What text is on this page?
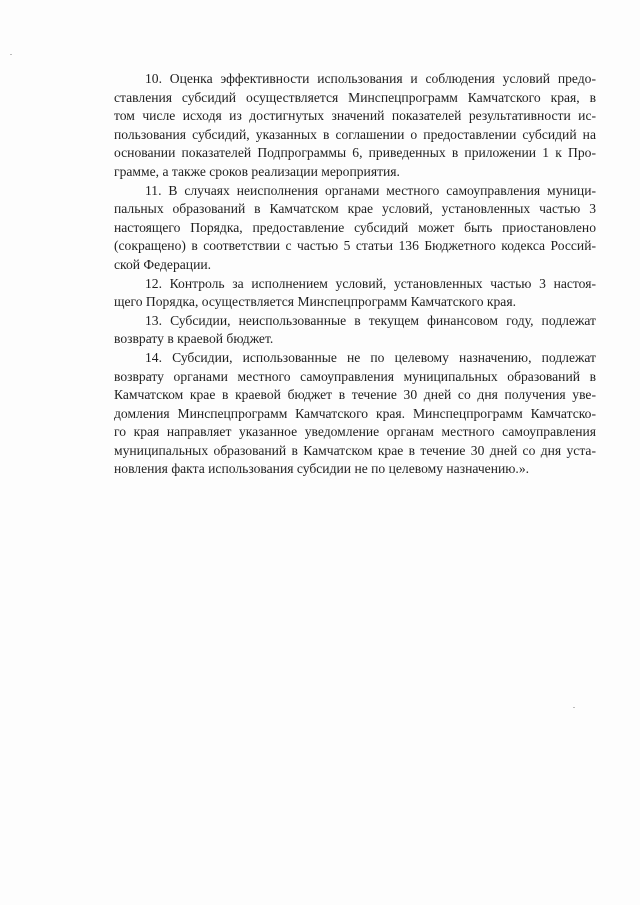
10. Оценка эффективности использования и соблюдения условий предо-
ставления субсидий осуществляется Минспецпрограмм Камчатского края, в
том числе исходя из достигнутых значений показателей результативности ис-
пользования субсидий, указанных в соглашении о предоставлении субсидий на
основании показателей Подпрограммы 6, приведенных в приложении 1 к Про-
грамме, а также сроков реализации мероприятия.
11. В случаях неисполнения органами местного самоуправления муници-
пальных образований в Камчатском крае условий, установленных частью 3
настоящего Порядка, предоставление субсидий может быть приостановлено
(сокращено) в соответствии с частью 5 статьи 136 Бюджетного кодекса Россий-
ской Федерации.
12. Контроль за исполнением условий, установленных частью 3 настоя-
щего Порядка, осуществляется Минспецпрограмм Камчатского края.
13. Субсидии, неиспользованные в текущем финансовом году, подлежат
возврату в краевой бюджет.
14. Субсидии, использованные не по целевому назначению, подлежат
возврату органами местного самоуправления муниципальных образований в
Камчатском крае в краевой бюджет в течение 30 дней со дня получения уве-
домления Минспецпрограмм Камчатского края. Минспецпрограмм Камчатско-
го края направляет указанное уведомление органам местного самоуправления
муниципальных образований в Камчатском крае в течение 30 дней со дня уста-
новления факта использования субсидии не по целевому назначению.».
